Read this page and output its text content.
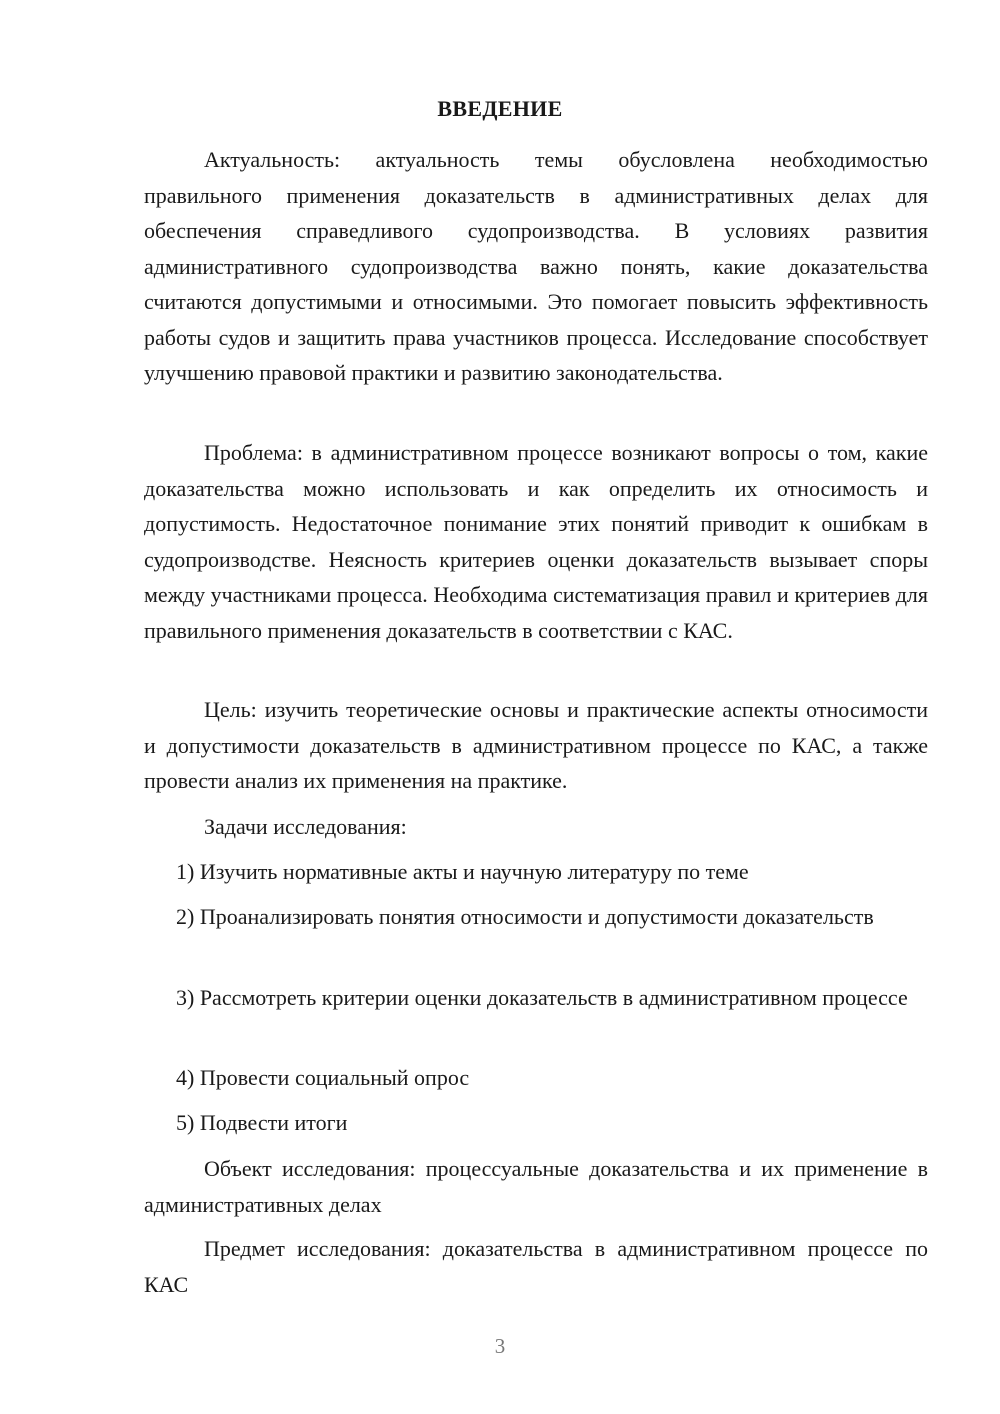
ВВЕДЕНИЕ

Актуальность: актуальность темы обусловлена необходимостью правильного применения доказательств в административных делах для обеспечения справедливого судопроизводства. В условиях развития административного судопроизводства важно понять, какие доказательства считаются допустимыми и относимыми. Это помогает повысить эффективность работы судов и защитить права участников процесса. Исследование способствует улучшению правовой практики и развитию законодательства.

Проблема: в административном процессе возникают вопросы о том, какие доказательства можно использовать и как определить их относимость и допустимость. Недостаточное понимание этих понятий приводит к ошибкам в судопроизводстве. Неясность критериев оценки доказательств вызывает споры между участниками процесса. Необходима систематизация правил и критериев для правильного применения доказательств в соответствии с КАС.

Цель: изучить теоретические основы и практические аспекты относимости и допустимости доказательств в административном процессе по КАС, а также провести анализ их применения на практике.

Задачи исследования:

1) Изучить нормативные акты и научную литературу по теме

2) Проанализировать понятия относимости и допустимости доказательств

3) Рассмотреть критерии оценки доказательств в административном процессе

4) Провести социальный опрос

5) Подвести итоги

Объект исследования: процессуальные доказательства и их применение в административных делах

Предмет исследования: доказательства в административном процессе по КАС

3
